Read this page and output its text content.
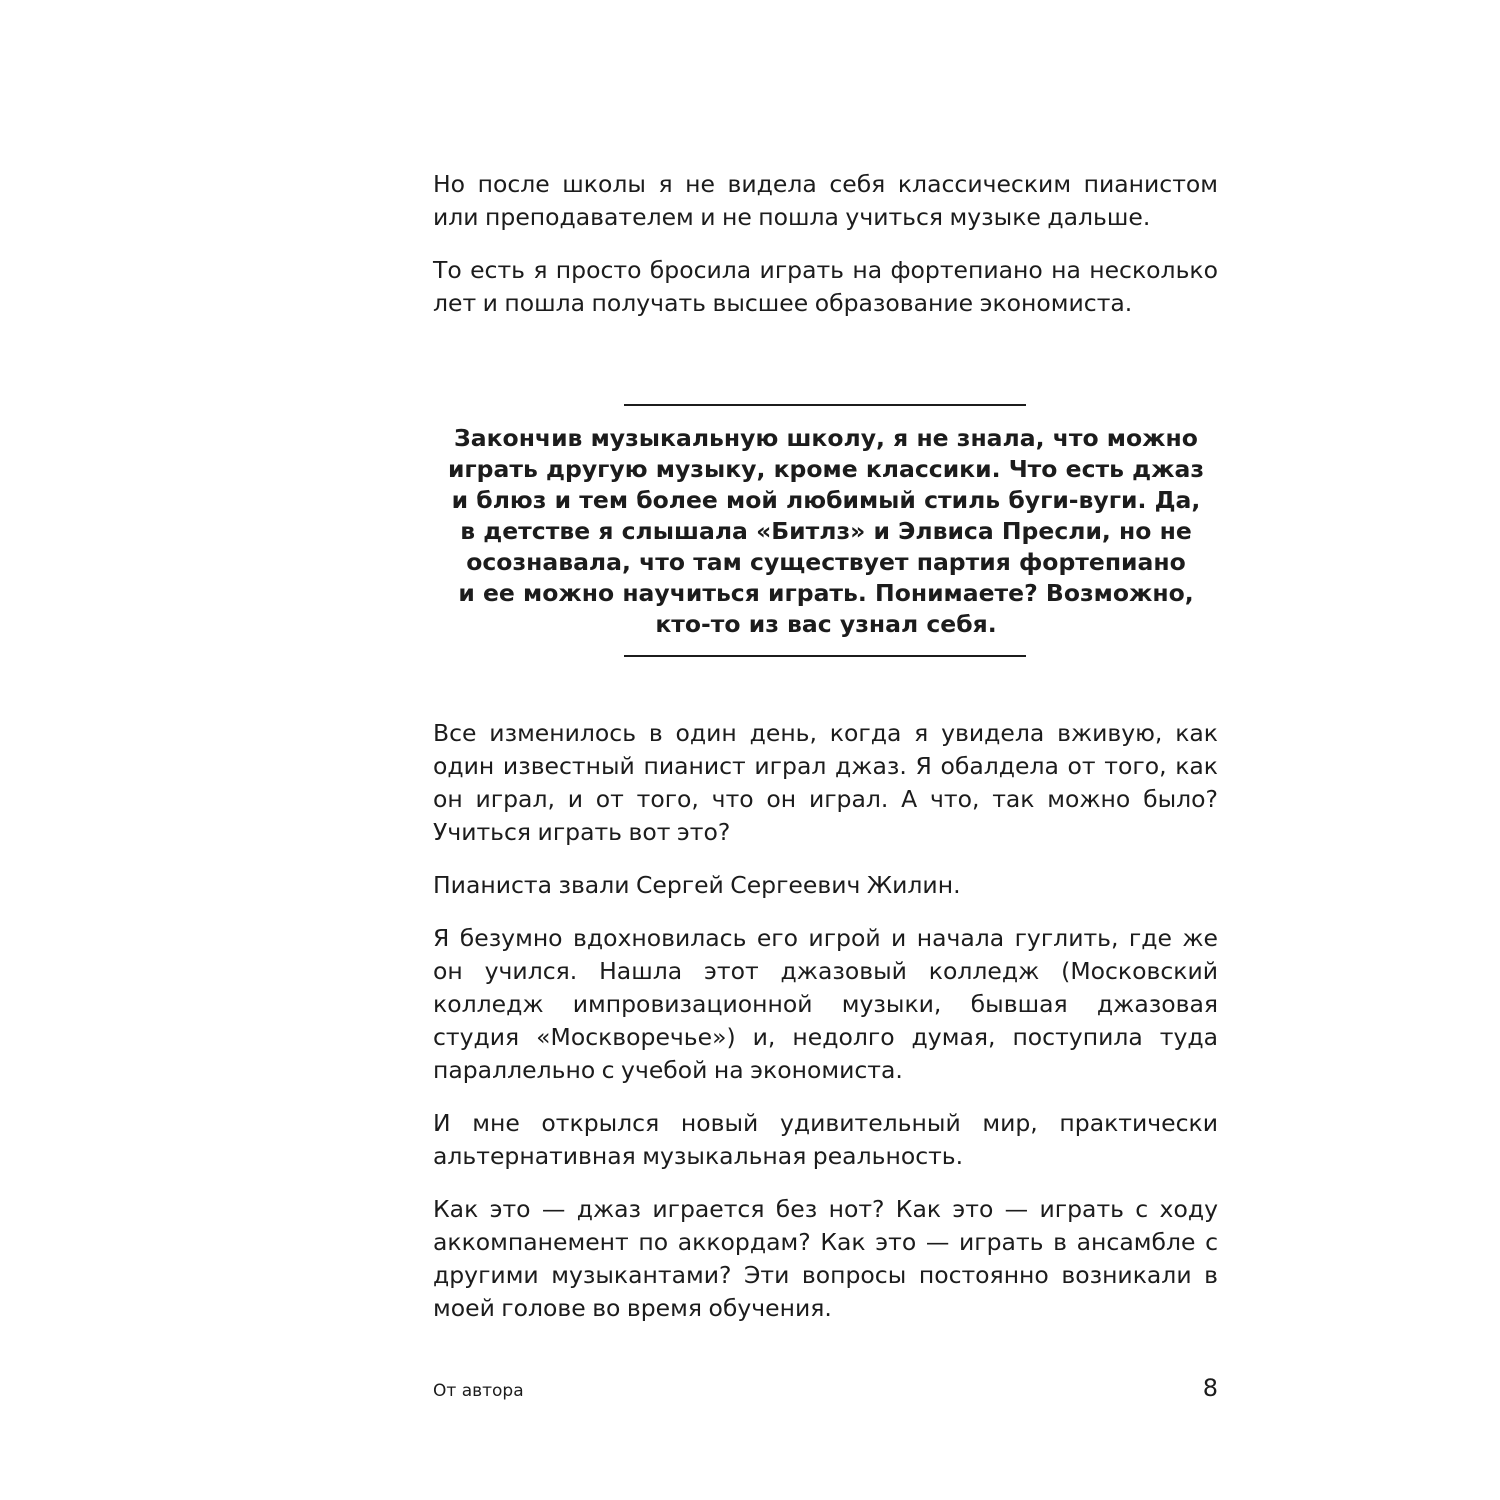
Но после школы я не видела себя классическим пианистом или преподавателем и не пошла учиться музыке дальше.

То есть я просто бросила играть на фортепиано на несколько лет и пошла получать высшее образование экономиста.

Закончив музыкальную школу, я не знала, что можно
играть другую музыку, кроме классики. Что есть джаз
и блюз и тем более мой любимый стиль буги-вуги. Да,
в детстве я слышала «Битлз» и Элвиса Пресли, но не
осознавала, что там существует партия фортепиано
и ее можно научиться играть. Понимаете? Возможно,
кто-то из вас узнал себя.

Все изменилось в один день, когда я увидела вживую, как один известный пианист играл джаз. Я обалдела от того, как он играл, и от того, что он играл. А что, так можно было? Учиться играть вот это?

Пианиста звали Сергей Сергеевич Жилин.

Я безумно вдохновилась его игрой и начала гуглить, где же он учился. Нашла этот джазовый колледж (Московский колледж импровизационной музыки, бывшая джазовая студия «Москворечье») и, недолго думая, поступила туда параллельно с учебой на экономиста.

И мне открылся новый удивительный мир, практически альтернативная музыкальная реальность.

Как это — джаз играется без нот? Как это — играть с ходу аккомпанемент по аккордам? Как это — играть в ансамбле с другими музыкантами? Эти вопросы постоянно возникали в моей голове во время обучения.

От автора	8
